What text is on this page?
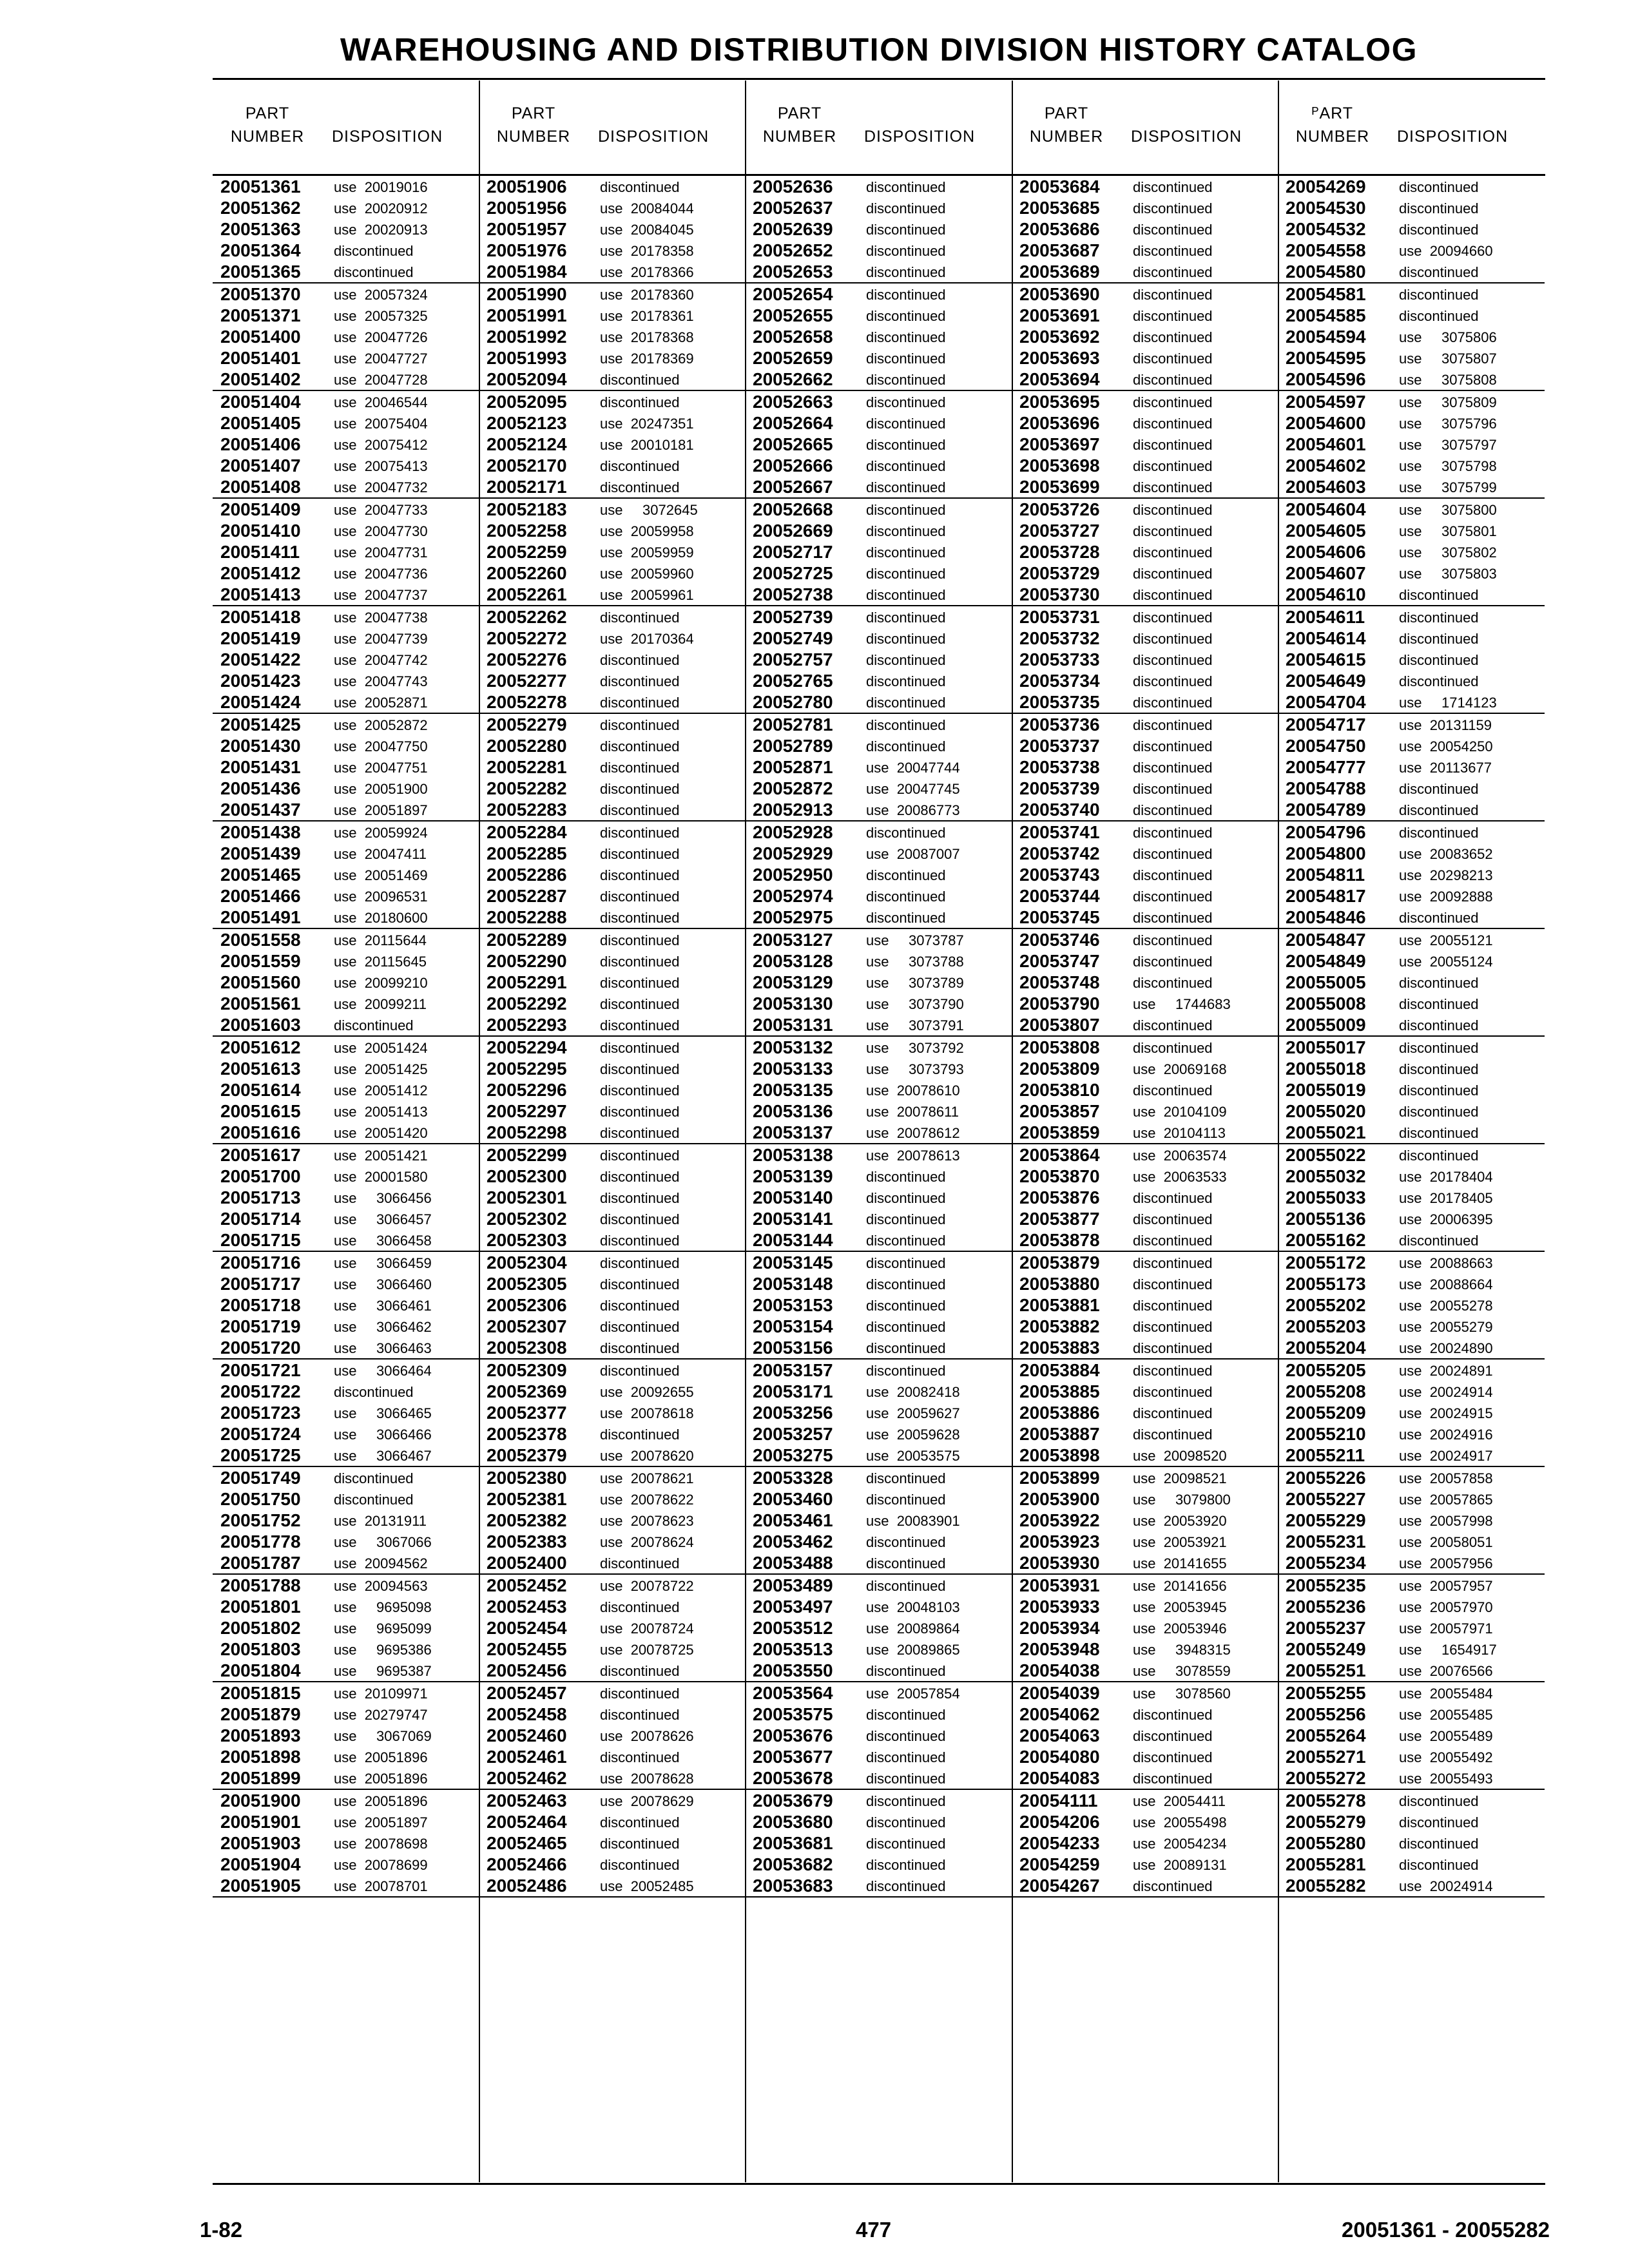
WAREHOUSING AND DISTRIBUTION DIVISION HISTORY CATALOG
PART
NUMBER	DISPOSITION
PART
NUMBER	DISPOSITION
PART
NUMBER	DISPOSITION
PART
NUMBER	DISPOSITION
ᴾART
NUMBER	DISPOSITION
20051361 use  20019016
20051362 use  20020912
20051363 use  20020913
20051364 discontinued
20051365 discontinued
20051370 use  20057324
20051371 use  20057325
20051400 use  20047726
20051401 use  20047727
20051402 use  20047728
20051404 use  20046544
20051405 use  20075404
20051406 use  20075412
20051407 use  20075413
20051408 use  20047732
20051409 use  20047733
20051410 use  20047730
20051411 use  20047731
20051412 use  20047736
20051413 use  20047737
20051418 use  20047738
20051419 use  20047739
20051422 use  20047742
20051423 use  20047743
20051424 use  20052871
20051425 use  20052872
20051430 use  20047750
20051431 use  20047751
20051436 use  20051900
20051437 use  20051897
20051438 use  20059924
20051439 use  20047411
20051465 use  20051469
20051466 use  20096531
20051491 use  20180600
20051558 use  20115644
20051559 use  20115645
20051560 use  20099210
20051561 use  20099211
20051603 discontinued
20051612 use  20051424
20051613 use  20051425
20051614 use  20051412
20051615 use  20051413
20051616 use  20051420
20051617 use  20051421
20051700 use  20001580
20051713 use     3066456
20051714 use     3066457
20051715 use     3066458
20051716 use     3066459
20051717 use     3066460
20051718 use     3066461
20051719 use     3066462
20051720 use     3066463
20051721 use     3066464
20051722 discontinued
20051723 use     3066465
20051724 use     3066466
20051725 use     3066467
20051749 discontinued
20051750 discontinued
20051752 use  20131911
20051778 use     3067066
20051787 use  20094562
20051788 use  20094563
20051801 use     9695098
20051802 use     9695099
20051803 use     9695386
20051804 use     9695387
20051815 use  20109971
20051879 use  20279747
20051893 use     3067069
20051898 use  20051896
20051899 use  20051896
20051900 use  20051896
20051901 use  20051897
20051903 use  20078698
20051904 use  20078699
20051905 use  20078701
20051906 discontinued
20051956 use  20084044
20051957 use  20084045
20051976 use  20178358
20051984 use  20178366
20051990 use  20178360
20051991 use  20178361
20051992 use  20178368
20051993 use  20178369
20052094 discontinued
20052095 discontinued
20052123 use  20247351
20052124 use  20010181
20052170 discontinued
20052171 discontinued
20052183 use     3072645
20052258 use  20059958
20052259 use  20059959
20052260 use  20059960
20052261 use  20059961
20052262 discontinued
20052272 use  20170364
20052276 discontinued
20052277 discontinued
20052278 discontinued
20052279 discontinued
20052280 discontinued
20052281 discontinued
20052282 discontinued
20052283 discontinued
20052284 discontinued
20052285 discontinued
20052286 discontinued
20052287 discontinued
20052288 discontinued
20052289 discontinued
20052290 discontinued
20052291 discontinued
20052292 discontinued
20052293 discontinued
20052294 discontinued
20052295 discontinued
20052296 discontinued
20052297 discontinued
20052298 discontinued
20052299 discontinued
20052300 discontinued
20052301 discontinued
20052302 discontinued
20052303 discontinued
20052304 discontinued
20052305 discontinued
20052306 discontinued
20052307 discontinued
20052308 discontinued
20052309 discontinued
20052369 use  20092655
20052377 use  20078618
20052378 discontinued
20052379 use  20078620
20052380 use  20078621
20052381 use  20078622
20052382 use  20078623
20052383 use  20078624
20052400 discontinued
20052452 use  20078722
20052453 discontinued
20052454 use  20078724
20052455 use  20078725
20052456 discontinued
20052457 discontinued
20052458 discontinued
20052460 use  20078626
20052461 discontinued
20052462 use  20078628
20052463 use  20078629
20052464 discontinued
20052465 discontinued
20052466 discontinued
20052486 use  20052485
20052636 discontinued
20052637 discontinued
20052639 discontinued
20052652 discontinued
20052653 discontinued
20052654 discontinued
20052655 discontinued
20052658 discontinued
20052659 discontinued
20052662 discontinued
20052663 discontinued
20052664 discontinued
20052665 discontinued
20052666 discontinued
20052667 discontinued
20052668 discontinued
20052669 discontinued
20052717 discontinued
20052725 discontinued
20052738 discontinued
20052739 discontinued
20052749 discontinued
20052757 discontinued
20052765 discontinued
20052780 discontinued
20052781 discontinued
20052789 discontinued
20052871 use  20047744
20052872 use  20047745
20052913 use  20086773
20052928 discontinued
20052929 use  20087007
20052950 discontinued
20052974 discontinued
20052975 discontinued
20053127 use     3073787
20053128 use     3073788
20053129 use     3073789
20053130 use     3073790
20053131 use     3073791
20053132 use     3073792
20053133 use     3073793
20053135 use  20078610
20053136 use  20078611
20053137 use  20078612
20053138 use  20078613
20053139 discontinued
20053140 discontinued
20053141 discontinued
20053144 discontinued
20053145 discontinued
20053148 discontinued
20053153 discontinued
20053154 discontinued
20053156 discontinued
20053157 discontinued
20053171 use  20082418
20053256 use  20059627
20053257 use  20059628
20053275 use  20053575
20053328 discontinued
20053460 discontinued
20053461 use  20083901
20053462 discontinued
20053488 discontinued
20053489 discontinued
20053497 use  20048103
20053512 use  20089864
20053513 use  20089865
20053550 discontinued
20053564 use  20057854
20053575 discontinued
20053676 discontinued
20053677 discontinued
20053678 discontinued
20053679 discontinued
20053680 discontinued
20053681 discontinued
20053682 discontinued
20053683 discontinued
20053684 discontinued
20053685 discontinued
20053686 discontinued
20053687 discontinued
20053689 discontinued
20053690 discontinued
20053691 discontinued
20053692 discontinued
20053693 discontinued
20053694 discontinued
20053695 discontinued
20053696 discontinued
20053697 discontinued
20053698 discontinued
20053699 discontinued
20053726 discontinued
20053727 discontinued
20053728 discontinued
20053729 discontinued
20053730 discontinued
20053731 discontinued
20053732 discontinued
20053733 discontinued
20053734 discontinued
20053735 discontinued
20053736 discontinued
20053737 discontinued
20053738 discontinued
20053739 discontinued
20053740 discontinued
20053741 discontinued
20053742 discontinued
20053743 discontinued
20053744 discontinued
20053745 discontinued
20053746 discontinued
20053747 discontinued
20053748 discontinued
20053790 use     1744683
20053807 discontinued
20053808 discontinued
20053809 use  20069168
20053810 discontinued
20053857 use  20104109
20053859 use  20104113
20053864 use  20063574
20053870 use  20063533
20053876 discontinued
20053877 discontinued
20053878 discontinued
20053879 discontinued
20053880 discontinued
20053881 discontinued
20053882 discontinued
20053883 discontinued
20053884 discontinued
20053885 discontinued
20053886 discontinued
20053887 discontinued
20053898 use  20098520
20053899 use  20098521
20053900 use     3079800
20053922 use  20053920
20053923 use  20053921
20053930 use  20141655
20053931 use  20141656
20053933 use  20053945
20053934 use  20053946
20053948 use     3948315
20054038 use     3078559
20054039 use     3078560
20054062 discontinued
20054063 discontinued
20054080 discontinued
20054083 discontinued
20054111 use  20054411
20054206 use  20055498
20054233 use  20054234
20054259 use  20089131
20054267 discontinued
20054269 discontinued
20054530 discontinued
20054532 discontinued
20054558 use  20094660
20054580 discontinued
20054581 discontinued
20054585 discontinued
20054594 use     3075806
20054595 use     3075807
20054596 use     3075808
20054597 use     3075809
20054600 use     3075796
20054601 use     3075797
20054602 use     3075798
20054603 use     3075799
20054604 use     3075800
20054605 use     3075801
20054606 use     3075802
20054607 use     3075803
20054610 discontinued
20054611 discontinued
20054614 discontinued
20054615 discontinued
20054649 discontinued
20054704 use     1714123
20054717 use  20131159
20054750 use  20054250
20054777 use  20113677
20054788 discontinued
20054789 discontinued
20054796 discontinued
20054800 use  20083652
20054811 use  20298213
20054817 use  20092888
20054846 discontinued
20054847 use  20055121
20054849 use  20055124
20055005 discontinued
20055008 discontinued
20055009 discontinued
20055017 discontinued
20055018 discontinued
20055019 discontinued
20055020 discontinued
20055021 discontinued
20055022 discontinued
20055032 use  20178404
20055033 use  20178405
20055136 use  20006395
20055162 discontinued
20055172 use  20088663
20055173 use  20088664
20055202 use  20055278
20055203 use  20055279
20055204 use  20024890
20055205 use  20024891
20055208 use  20024914
20055209 use  20024915
20055210 use  20024916
20055211 use  20024917
20055226 use  20057858
20055227 use  20057865
20055229 use  20057998
20055231 use  20058051
20055234 use  20057956
20055235 use  20057957
20055236 use  20057970
20055237 use  20057971
20055249 use     1654917
20055251 use  20076566
20055255 use  20055484
20055256 use  20055485
20055264 use  20055489
20055271 use  20055492
20055272 use  20055493
20055278 discontinued
20055279 discontinued
20055280 discontinued
20055281 discontinued
20055282 use  20024914
1-82	477	20051361 - 20055282
